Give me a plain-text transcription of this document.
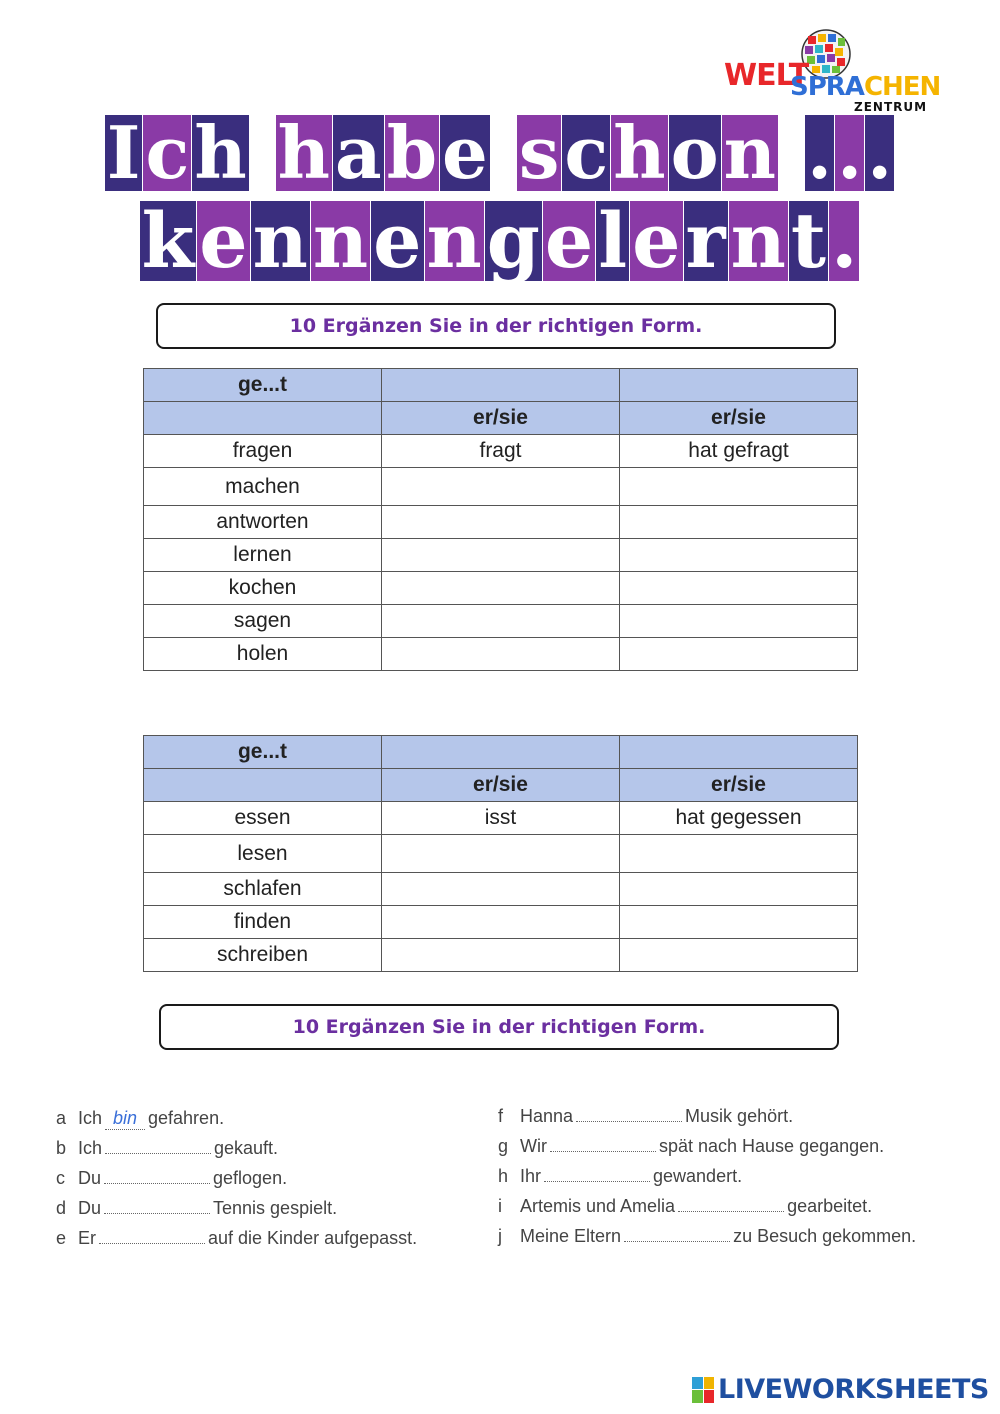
WELT
SPRACHEN
ZENTRUM
Ich habe schon ...
kennengelernt.
10 Ergänzen Sie in der richtigen Form.
ge...t		
	er/sie	er/sie
fragen	fragt	hat gefragt
machen		
antworten		
lernen		
kochen		
sagen		
holen		
ge...t		
	er/sie	er/sie
essen	isst	hat gegessen
lesen		
schlafen		
finden		
schreiben		
10 Ergänzen Sie in der richtigen Form.
a Ich bin gefahren.
b Ich	gekauft.
c Du	geflogen.
d Du	Tennis gespielt.
e Er	auf die Kinder aufgepasst.
f Hanna	Musik gehört.
g Wir	spät nach Hause gegangen.
h Ihr	gewandert.
i Artemis und Amelia	gearbeitet.
j Meine Eltern	zu Besuch gekommen.
LIVEWORKSHEETS
